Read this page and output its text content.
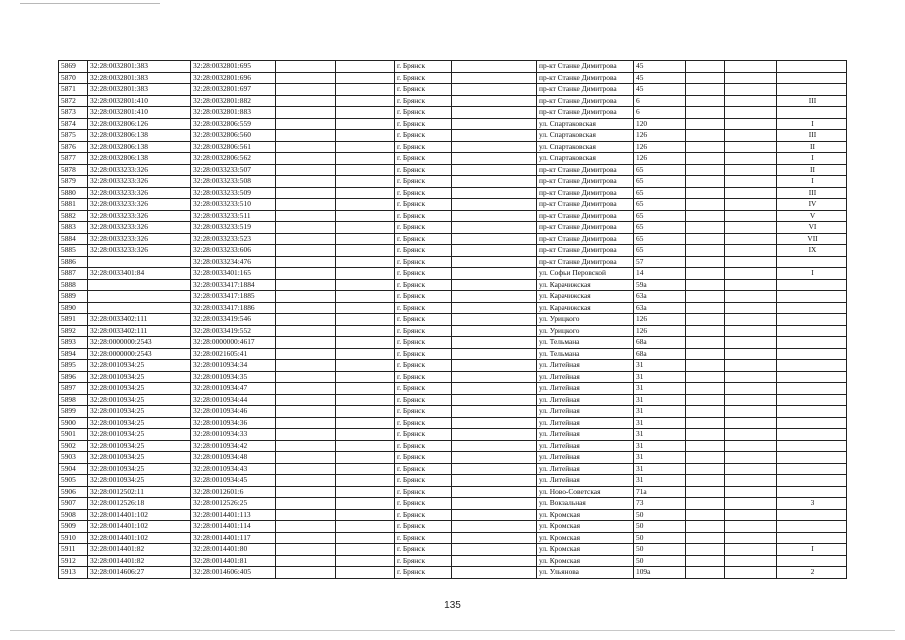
5869	32:28:0032801:383	32:28:0032801:695			г. Брянск		пр-кт Станке Димитрова	45			
5870	32:28:0032801:383	32:28:0032801:696			г. Брянск		пр-кт Станке Димитрова	45			
5871	32:28:0032801:383	32:28:0032801:697			г. Брянск		пр-кт Станке Димитрова	45			
5872	32:28:0032801:410	32:28:0032801:882			г. Брянск		пр-кт Станке Димитрова	6			III
5873	32:28:0032801:410	32:28:0032801:883			г. Брянск		пр-кт Станке Димитрова	6			
5874	32:28:0032806:126	32:28:0032806:559			г. Брянск		ул. Спартаковская	120			I
5875	32:28:0032806:138	32:28:0032806:560			г. Брянск		ул. Спартаковская	126			III
5876	32:28:0032806:138	32:28:0032806:561			г. Брянск		ул. Спартаковская	126			II
5877	32:28:0032806:138	32:28:0032806:562			г. Брянск		ул. Спартаковская	126			I
5878	32:28:0033233:326	32:28:0033233:507			г. Брянск		пр-кт Станке Димитрова	65			II
5879	32:28:0033233:326	32:28:0033233:508			г. Брянск		пр-кт Станке Димитрова	65			I
5880	32:28:0033233:326	32:28:0033233:509			г. Брянск		пр-кт Станке Димитрова	65			III
5881	32:28:0033233:326	32:28:0033233:510			г. Брянск		пр-кт Станке Димитрова	65			IV
5882	32:28:0033233:326	32:28:0033233:511			г. Брянск		пр-кт Станке Димитрова	65			V
5883	32:28:0033233:326	32:28:0033233:519			г. Брянск		пр-кт Станке Димитрова	65			VI
5884	32:28:0033233:326	32:28:0033233:523			г. Брянск		пр-кт Станке Димитрова	65			VII
5885	32:28:0033233:326	32:28:0033233:606			г. Брянск		пр-кт Станке Димитрова	65			IX
5886		32:28:0033234:476			г. Брянск		пр-кт Станке Димитрова	57			
5887	32:28:0033401:84	32:28:0033401:165			г. Брянск		ул. Софьи Перовской	14			I
5888		32:28:0033417:1884			г. Брянск		ул. Карачижская	59а			
5889		32:28:0033417:1885			г. Брянск		ул. Карачижская	63а			
5890		32:28:0033417:1886			г. Брянск		ул. Карачижская	63а			
5891	32:28:0033402:111	32:28:0033419:546			г. Брянск		ул. Урицкого	126			
5892	32:28:0033402:111	32:28:0033419:552			г. Брянск		ул. Урицкого	126			
5893	32:28:0000000:2543	32:28:0000000:4617			г. Брянск		ул. Тельмана	68а			
5894	32:28:0000000:2543	32:28:0021605:41			г. Брянск		ул. Тельмана	68а			
5895	32:28:0010934:25	32:28:0010934:34			г. Брянск		ул. Литейная	31			
5896	32:28:0010934:25	32:28:0010934:35			г. Брянск		ул. Литейная	31			
5897	32:28:0010934:25	32:28:0010934:47			г. Брянск		ул. Литейная	31			
5898	32:28:0010934:25	32:28:0010934:44			г. Брянск		ул. Литейная	31			
5899	32:28:0010934:25	32:28:0010934:46			г. Брянск		ул. Литейная	31			
5900	32:28:0010934:25	32:28:0010934:36			г. Брянск		ул. Литейная	31			
5901	32:28:0010934:25	32:28:0010934:33			г. Брянск		ул. Литейная	31			
5902	32:28:0010934:25	32:28:0010934:42			г. Брянск		ул. Литейная	31			
5903	32:28:0010934:25	32:28:0010934:48			г. Брянск		ул. Литейная	31			
5904	32:28:0010934:25	32:28:0010934:43			г. Брянск		ул. Литейная	31			
5905	32:28:0010934:25	32:28:0010934:45			г. Брянск		ул. Литейная	31			
5906	32:28:0012502:11	32:28:0012601:6			г. Брянск		ул. Ново-Советская	71а			
5907	32:28:0012526:18	32:28:0012526:25			г. Брянск		ул. Вокзальная	73			3
5908	32:28:0014401:102	32:28:0014401:113			г. Брянск		ул. Кромская	50			
5909	32:28:0014401:102	32:28:0014401:114			г. Брянск		ул. Кромская	50			
5910	32:28:0014401:102	32:28:0014401:117			г. Брянск		ул. Кромская	50			
5911	32:28:0014401:82	32:28:0014401:80			г. Брянск		ул. Кромская	50			I
5912	32:28:0014401:82	32:28:0014401:81			г. Брянск		ул. Кромская	50			
5913	32:28:0014606:27	32:28:0014606:405			г. Брянск		ул. Ульянова	109а			2
135
